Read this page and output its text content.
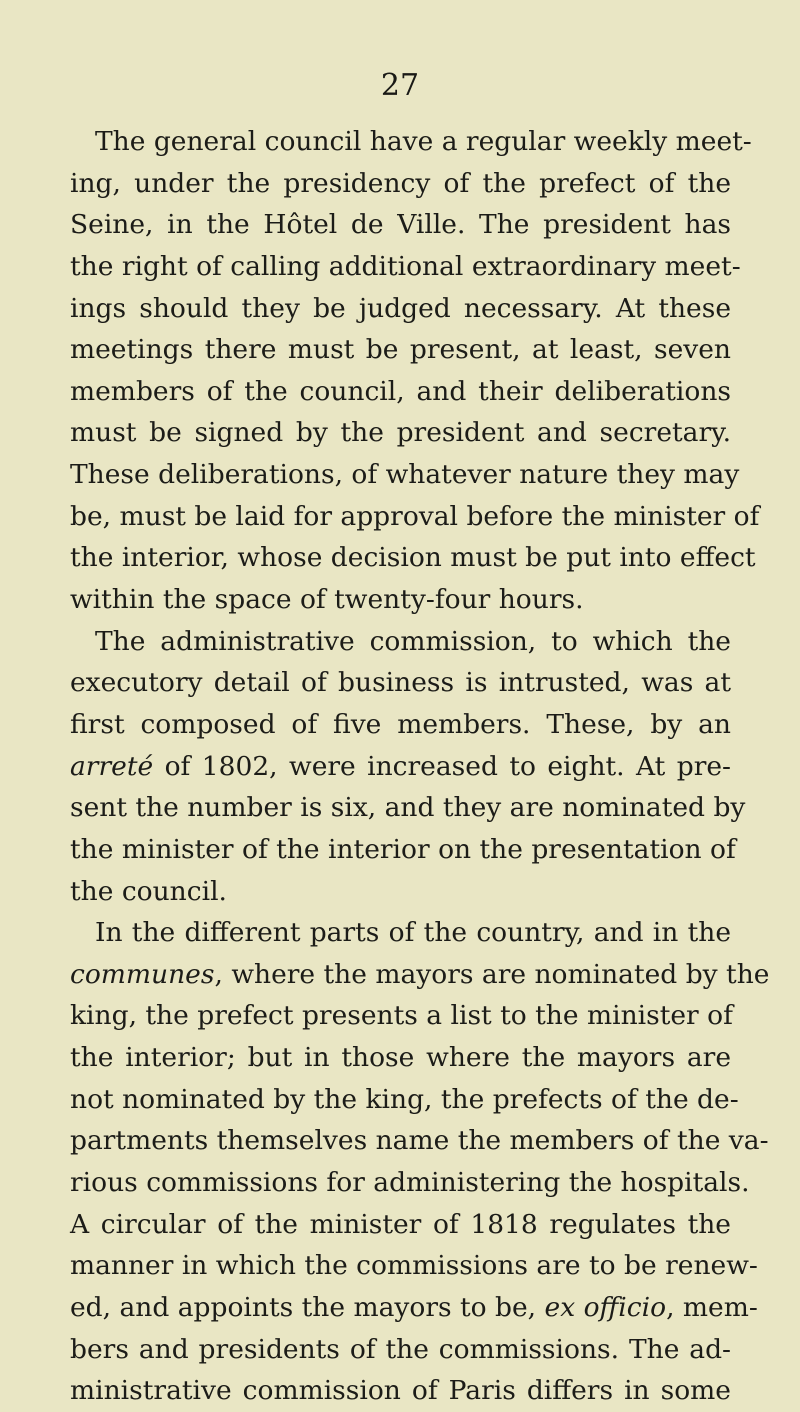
27
The general council have a regular weekly meet-
ing, under the presidency of the prefect of the
Seine, in the Hôtel de Ville. The president has
the right of calling additional extraordinary meet-
ings should they be judged necessary. At these
meetings there must be present, at least, seven
members of the council, and their deliberations
must be signed by the president and secretary.
These deliberations, of whatever nature they may
be, must be laid for approval before the minister of
the interior, whose decision must be put into effect
within the space of twenty-four hours.
The administrative commission, to which the
executory detail of business is intrusted, was at
first composed of five members. These, by an
arreté of 1802, were increased to eight. At pre-
sent the number is six, and they are nominated by
the minister of the interior on the presentation of
the council.
In the different parts of the country, and in the
communes, where the mayors are nominated by the
king, the prefect presents a list to the minister of
the interior; but in those where the mayors are
not nominated by the king, the prefects of the de-
partments themselves name the members of the va-
rious commissions for administering the hospitals.
A circular of the minister of 1818 regulates the
manner in which the commissions are to be renew-
ed, and appoints the mayors to be, ex officio, mem-
bers and presidents of the commissions. The ad-
ministrative commission of Paris differs in some
